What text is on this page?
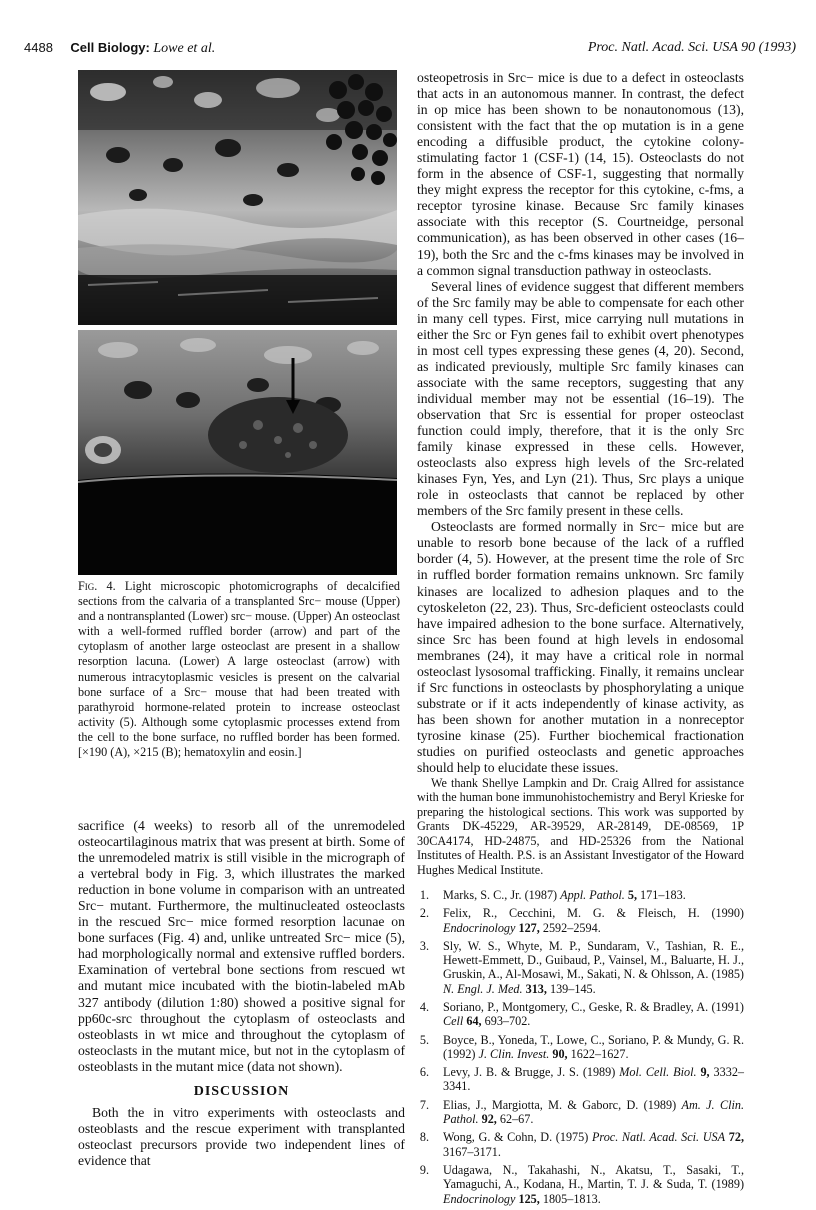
4488 Cell Biology: Lowe et al.	Proc. Natl. Acad. Sci. USA 90 (1993)
Fig. 4. Light microscopic photomicrographs of decalcified sections from the calvaria of a transplanted Src− mouse (Upper) and a nontransplanted (Lower) src− mouse. (Upper) An osteoclast with a well-formed ruffled border (arrow) and part of the cytoplasm of another large osteoclast are present in a shallow resorption lacuna. (Lower) A large osteoclast (arrow) with numerous intracytoplasmic vesicles is present on the calvarial bone surface of a Src− mouse that had been treated with parathyroid hormone-related protein to increase osteoclast activity (5). Although some cytoplasmic processes extend from the cell to the bone surface, no ruffled border has been formed. [×190 (A), ×215 (B); hematoxylin and eosin.]

sacrifice (4 weeks) to resorb all of the unremodeled osteocartilaginous matrix that was present at birth. Some of the unremodeled matrix is still visible in the micrograph of a vertebral body in Fig. 3, which illustrates the marked reduction in bone volume in comparison with an untreated Src− mutant. Furthermore, the multinucleated osteoclasts in the rescued Src− mice formed resorption lacunae on bone surfaces (Fig. 4) and, unlike untreated Src− mice (5), had morphologically normal and extensive ruffled borders. Examination of vertebral bone sections from rescued wt and mutant mice incubated with the biotin-labeled mAb 327 antibody (dilution 1:80) showed a positive signal for pp60c-src throughout the cytoplasm of osteoclasts and osteoblasts in wt mice and throughout the cytoplasm of osteoclasts in the mutant mice, but not in the cytoplasm of osteoblasts in the mutant mice (data not shown).

DISCUSSION

Both the in vitro experiments with osteoclasts and osteoblasts and the rescue experiment with transplanted osteoclast precursors provide two independent lines of evidence that

osteopetrosis in Src− mice is due to a defect in osteoclasts that acts in an autonomous manner. In contrast, the defect in op mice has been shown to be nonautonomous (13), consistent with the fact that the op mutation is in a gene encoding a diffusible product, the cytokine colony-stimulating factor 1 (CSF-1) (14, 15). Osteoclasts do not form in the absence of CSF-1, suggesting that normally they might express the receptor for this cytokine, c-fms, a receptor tyrosine kinase. Because Src family kinases associate with this receptor (S. Courtneidge, personal communication), as has been observed in other cases (16–19), both the Src and the c-fms kinases may be involved in a common signal transduction pathway in osteoclasts.

Several lines of evidence suggest that different members of the Src family may be able to compensate for each other in many cell types. First, mice carrying null mutations in either the Src or Fyn genes fail to exhibit overt phenotypes in most cell types expressing these genes (4, 20). Second, as indicated previously, multiple Src family kinases can associate with the same receptors, suggesting that any individual member may not be essential (16–19). The observation that Src is essential for proper osteoclast function could imply, therefore, that it is the only Src family kinase expressed in these cells. However, osteoclasts also express high levels of the Src-related kinases Fyn, Yes, and Lyn (21). Thus, Src plays a unique role in osteoclasts that cannot be replaced by other members of the Src family present in these cells.

Osteoclasts are formed normally in Src− mice but are unable to resorb bone because of the lack of a ruffled border (4, 5). However, at the present time the role of Src in ruffled border formation remains unknown. Src family kinases are localized to adhesion plaques and to the cytoskeleton (22, 23). Thus, Src-deficient osteoclasts could have impaired adhesion to the bone surface. Alternatively, since Src has been found at high levels in endosomal membranes (24), it may have a critical role in normal osteoclast lysosomal trafficking. Finally, it remains unclear if Src functions in osteoclasts by phosphorylating a unique substrate or if it acts independently of kinase activity, as has been shown for another mutation in a nonreceptor tyrosine kinase (25). Further biochemical fractionation studies on purified osteoclasts and genetic approaches should help to elucidate these issues.

We thank Shellye Lampkin and Dr. Craig Allred for assistance with the human bone immunohistochemistry and Beryl Krieske for preparing the histological sections. This work was supported by Grants DK-45229, AR-39529, AR-28149, DE-08569, 1P 30CA4174, HD-24875, and HD-25326 from the National Institutes of Health. P.S. is an Assistant Investigator of the Howard Hughes Medical Institute.

1. Marks, S. C., Jr. (1987) Appl. Pathol. 5, 171–183.
2. Felix, R., Cecchini, M. G. & Fleisch, H. (1990) Endocrinology 127, 2592–2594.
3. Sly, W. S., Whyte, M. P., Sundaram, V., Tashian, R. E., Hewett-Emmett, D., Guibaud, P., Vainsel, M., Baluarte, H. J., Gruskin, A., Al-Mosawi, M., Sakati, N. & Ohlsson, A. (1985) N. Engl. J. Med. 313, 139–145.
4. Soriano, P., Montgomery, C., Geske, R. & Bradley, A. (1991) Cell 64, 693–702.
5. Boyce, B., Yoneda, T., Lowe, C., Soriano, P. & Mundy, G. R. (1992) J. Clin. Invest. 90, 1622–1627.
6. Levy, J. B. & Brugge, J. S. (1989) Mol. Cell. Biol. 9, 3332–3341.
7. Elias, J., Margiotta, M. & Gaborc, D. (1989) Am. J. Clin. Pathol. 92, 62–67.
8. Wong, G. & Cohn, D. (1975) Proc. Natl. Acad. Sci. USA 72, 3167–3171.
9. Udagawa, N., Takahashi, N., Akatsu, T., Sasaki, T., Yamaguchi, A., Kodana, H., Martin, T. J. & Suda, T. (1989) Endocrinology 125, 1805–1813.
